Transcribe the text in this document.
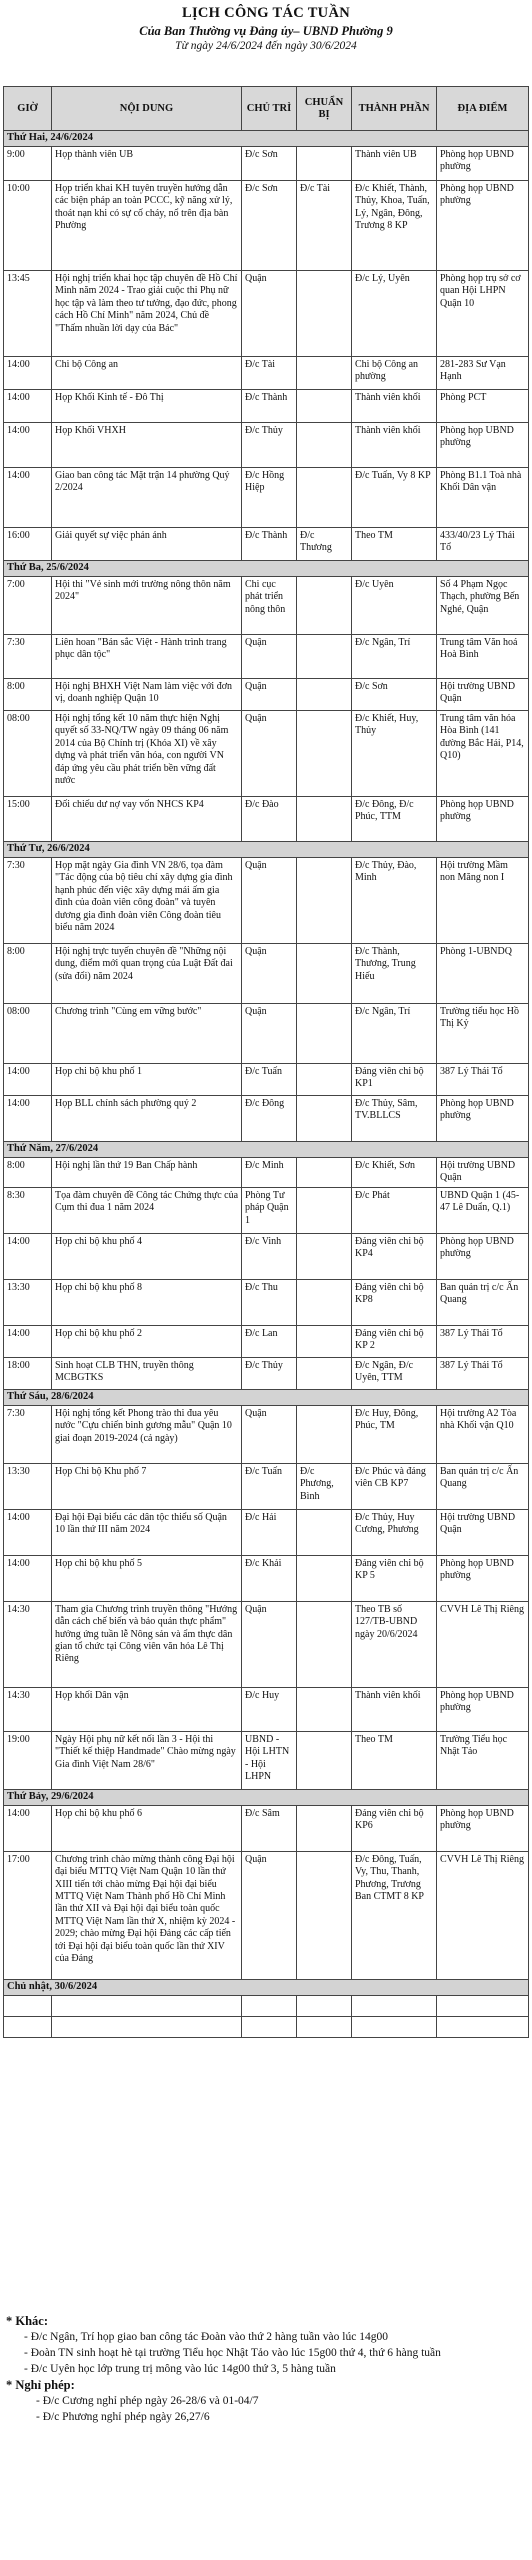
LỊCH CÔNG TÁC TUẦN
Của Ban Thường vụ Đảng ủy– UBND Phường 9
Từ ngày 24/6/2024 đến ngày 30/6/2024
GIỜ	NỘI DUNG	CHỦ TRÌ	CHUẨN BỊ	THÀNH PHẦN	ĐỊA ĐIỂM
Thứ Hai, 24/6/2024					
9:00	Họp thành viên UB	Đ/c Sơn		Thành viên UB	Phòng họp UBND phường
10:00	Họp triển khai KH tuyên truyền hướng dẫn các biện pháp an toàn PCCC, kỹ năng xử lý, thoát nạn khi có sự cố cháy, nổ trên địa bàn Phường	Đ/c Sơn	Đ/c Tài	Đ/c Khiết, Thành, Thủy, Khoa, Tuấn, Lý, Ngân, Đông, Trương 8 KP	Phòng họp UBND phường
13:45	Hội nghị triển khai học tập chuyên đề Hồ Chí Minh năm 2024 - Trao giải cuộc thi Phụ nữ học tập và làm theo tư tưởng, đạo đức, phong cách Hồ Chí Minh" năm 2024, Chủ đề "Thấm nhuần lời dạy của Bác"	Quận		Đ/c Lý, Uyên	Phòng họp trụ sở cơ quan Hội LHPN Quận 10
14:00	Chi bộ Công an	Đ/c Tài		Chi bộ Công an phường	281-283 Sư Vạn Hạnh
14:00	Họp Khối Kinh tế - Đô Thị	Đ/c Thành		Thành viên khối	Phòng PCT
14:00	Họp Khối VHXH	Đ/c Thủy		Thành viên khối	Phòng họp UBND phường
14:00	Giao ban công tác Mặt trận 14 phường Quý 2/2024	Đ/c Hồng Hiệp		Đ/c Tuấn, Vy 8 KP	Phòng B1.1 Toà nhà Khối Dân vận
16:00	Giải quyết sự việc phản ánh	Đ/c Thành	Đ/c Thương	Theo TM	433/40/23 Lý Thái Tổ
Thứ Ba, 25/6/2024					
7:00	Hội thi "Vẻ sinh mới trường nông thôn năm 2024"	Chi cục phát triển nông thôn		Đ/c Uyên	Số 4 Phạm Ngọc Thạch, phường Bến Nghé, Quận
7:30	Liên hoan "Bản sắc Việt - Hành trình trang phục dân tộc"	Quận		Đ/c Ngân, Trí	Trung tâm Văn hoá Hoà Bình
8:00	Hội nghị BHXH Việt Nam làm việc với đơn vị, doanh nghiệp Quận 10	Quận		Đ/c Sơn	Hội trường UBND Quận
08:00	Hội nghị tổng kết 10 năm thực hiện Nghị quyết số 33-NQ/TW ngày 09 tháng 06 năm 2014 của Bộ Chính trị (Khóa XI) về xây dựng và phát triển văn hóa, con người VN đáp ứng yêu cầu phát triển bền vững đất nước	Quận		Đ/c Khiết, Huy, Thủy	Trung tâm văn hóa Hòa Bình (141 đường Bắc Hải, P14, Q10)
15:00	Đối chiếu dư nợ vay vốn NHCS KP4	Đ/c Đào		Đ/c Đông, Đ/c Phúc, TTM	Phòng họp UBND phường
Thứ Tư, 26/6/2024					
7:30	Họp mặt ngày Gia đình VN 28/6, tọa đàm "Tác động của bộ tiêu chí xây dựng gia đình hạnh phúc đến việc xây dựng mái ấm gia đình của đoàn viên công đoàn" và tuyên dương gia đình đoàn viên Công đoàn tiêu biểu năm 2024	Quận		Đ/c Thủy, Đào, Minh	Hội trường Mầm non Măng non I
8:00	Hội nghị trực tuyến chuyên đề "Những nội dung, điểm mới quan trọng của Luật Đất đai (sửa đổi) năm 2024	Quận		Đ/c Thành, Thương, Trung Hiếu	Phòng 1-UBNDQ
08:00	Chương trình "Cùng em vững bước"	Quận		Đ/c Ngân, Trí	Trường tiểu học Hồ Thị Kỷ
14:00	Họp chi bộ khu phố 1	Đ/c Tuấn		Đảng viên chi bộ KP1	387 Lý Thái Tổ
14:00	Họp BLL chính sách phường quý 2	Đ/c Đông		Đ/c Thủy, Sâm, TV.BLLCS	Phòng họp UBND phường
Thứ Năm, 27/6/2024					
8:00	Hội nghị lần thứ 19 Ban Chấp hành	Đ/c Minh		Đ/c Khiết, Sơn	Hội trường UBND Quận
8:30	Tọa đàm chuyên đề Công tác Chứng thực của Cụm thi đua 1 năm 2024	Phòng Tư pháp Quận 1		Đ/c Phát	UBND Quận 1 (45-47 Lê Duẩn, Q.1)
14:00	Họp chi bộ khu phố 4	Đ/c Vinh		Đảng viên chi bộ KP4	Phòng họp UBND phường
13:30	Họp chi bộ khu phố 8	Đ/c Thu		Đảng viên chi bộ KP8	Ban quản trị c/c Ấn Quang
14:00	Họp chi bộ khu phố 2	Đ/c Lan		Đảng viên chi bộ KP 2	387 Lý Thái Tổ
18:00	Sinh hoạt CLB THN, truyền thông MCBGTKS	Đ/c Thủy		Đ/c Ngân, Đ/c Uyên, TTM	387 Lý Thái Tổ
Thứ Sáu, 28/6/2024					
7:30	Hội nghị tổng kết Phong trào thi đua yêu nước "Cựu chiến binh gương mẫu" Quận 10 giai đoạn 2019-2024 (cả ngày)	Quận		Đ/c Huy, Đông, Phúc, TM	Hội trường A2 Tòa nhà Khối vận Q10
13:30	Họp Chi bộ Khu phố 7	Đ/c Tuấn	Đ/c Phương, Bình	Đ/c Phúc và đảng viên CB KP7	Ban quản trị c/c Ấn Quang
14:00	Đại hội Đại biểu các dân tộc thiểu số Quận 10 lần thứ III năm 2024	Đ/c Hải		Đ/c Thủy, Huy Cương, Phương	Hội trường UBND Quận
14:00	Họp chi bộ khu phố 5	Đ/c Khải		Đảng viên chi bộ KP 5	Phòng họp UBND phường
14:30	Tham gia Chương trình truyền thông "Hướng dẫn cách chế biến và bảo quản thực phẩm" hưởng ứng tuần lễ Nông sản và ẩm thực dân gian tổ chức tại Công viên văn hóa Lê Thị Riêng	Quận		Theo TB số 127/TB-UBND ngày 20/6/2024	CVVH Lê Thị Riêng
14:30	Họp khối Dân vận	Đ/c Huy		Thành viên khối	Phòng họp UBND phường
19:00	Ngày Hội phụ nữ kết nối lần 3 - Hội thi "Thiết kế thiệp Handmade" Chào mừng ngày Gia đình Việt Nam 28/6"	UBND - Hội LHTN - Hội LHPN		Theo TM	Trường Tiểu học Nhật Tảo
Thứ Bảy, 29/6/2024					
14:00	Họp chi bộ khu phố 6	Đ/c Sâm		Đảng viên chi bộ KP6	Phòng họp UBND phường
17:00	Chương trình chào mừng thành công Đại hội đại biểu MTTQ Việt Nam Quận 10 lần thứ XIII tiến tới chào mừng Đại hội đại biểu MTTQ Việt Nam Thành phố Hồ Chí Minh lần thứ XII và Đại hội đại biểu toàn quốc MTTQ Việt Nam lần thứ X, nhiệm kỳ 2024 - 2029; chào mừng Đại hội Đảng các cấp tiến tới Đại hội đại biểu toàn quốc lần thứ XIV của Đảng	Quận		Đ/c Đông, Tuấn, Vy, Thu, Thanh, Phương, Trương Ban CTMT 8 KP	CVVH Lê Thị Riêng
Chủ nhật, 30/6/2024					

* Khác:
- Đ/c Ngân, Trí họp giao ban công tác Đoàn vào thứ 2 hàng tuần vào lúc 14g00
- Đoàn TN sinh hoạt hè tại trường Tiểu học Nhật Tảo vào lúc 15g00 thứ 4, thứ 6 hàng tuần
- Đ/c Uyên học lớp trung trị mông vào lúc 14g00 thứ 3, 5 hàng tuần
* Nghỉ phép:
- Đ/c Cương nghỉ phép ngày 26-28/6 và 01-04/7
- Đ/c Phương nghỉ phép ngày 26,27/6
